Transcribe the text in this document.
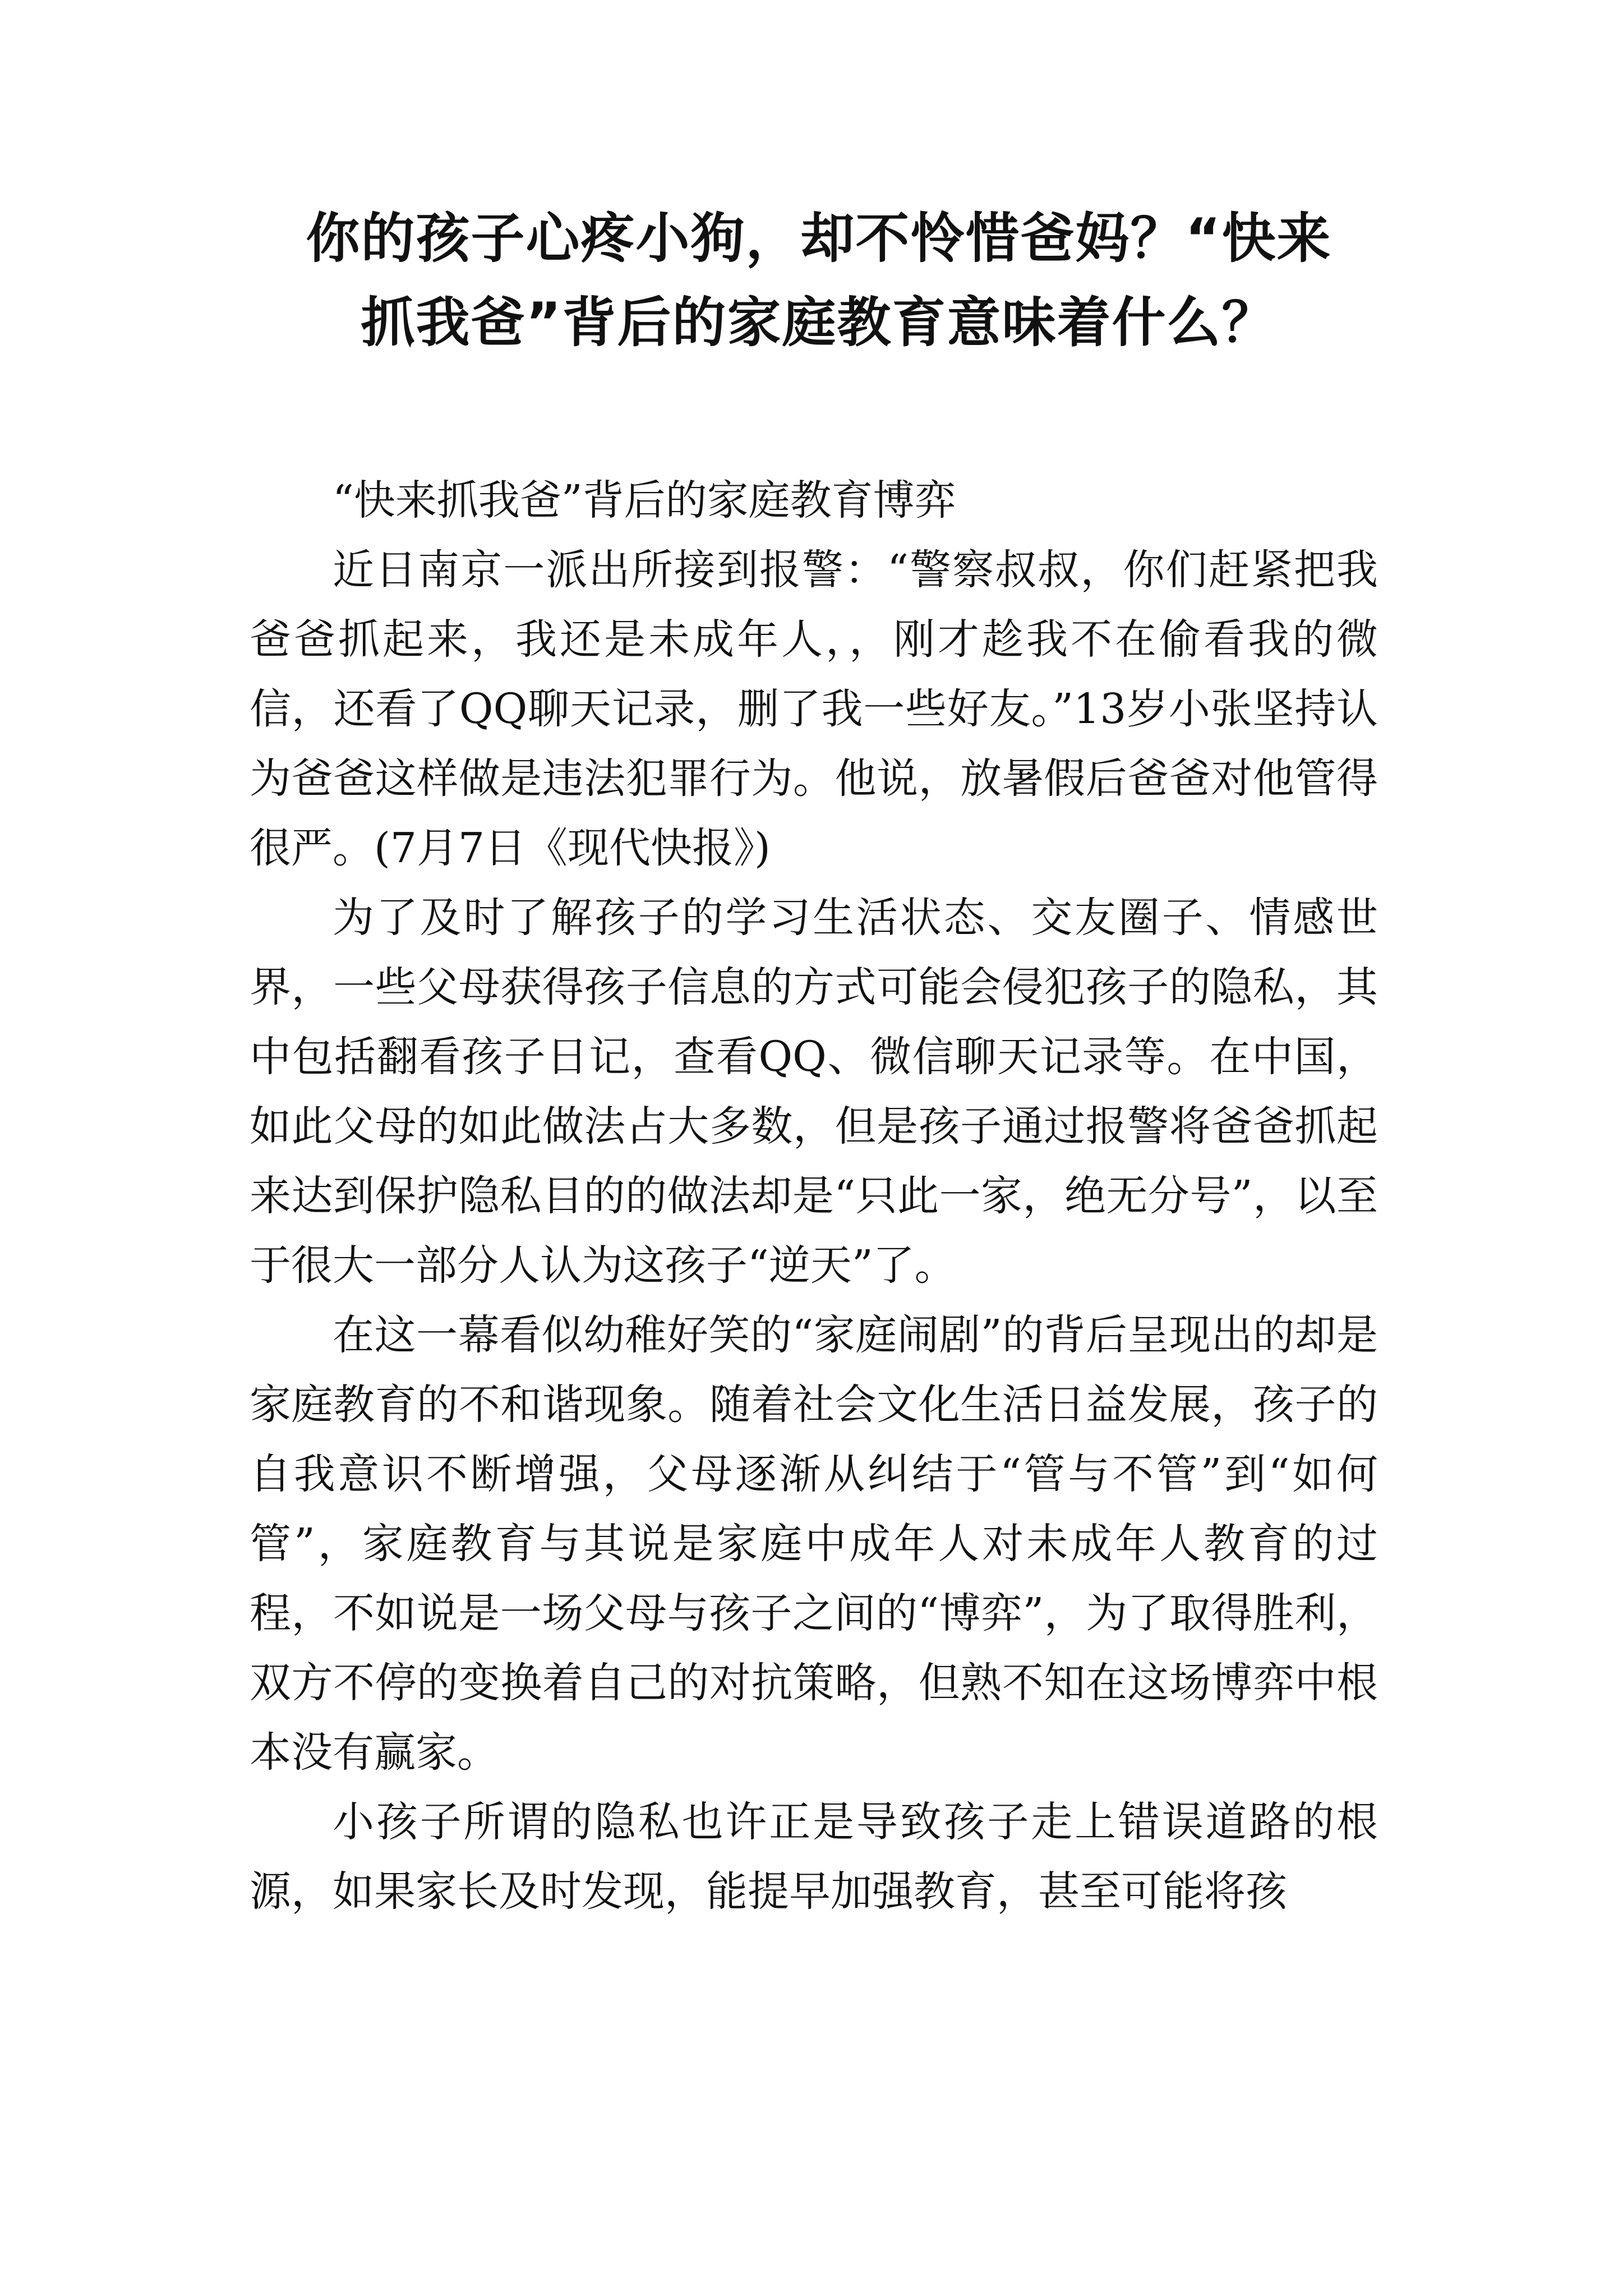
你的孩子心疼小狗，却不怜惜爸妈？“快来
抓我爸”背后的家庭教育意味着什么？

“快来抓我爸”背后的家庭教育博弈

近日南京一派出所接到报警：“警察叔叔，你们赶紧把我爸爸抓起来，我还是未成年人，，刚才趁我不在偷看我的微信，还看了QQ聊天记录，删了我一些好友。”13岁小张坚持认为爸爸这样做是违法犯罪行为。他说，放暑假后爸爸对他管得很严。(7月7日《现代快报》)

为了及时了解孩子的学习生活状态、交友圈子、情感世界，一些父母获得孩子信息的方式可能会侵犯孩子的隐私，其中包括翻看孩子日记，查看QQ、微信聊天记录等。在中国，如此父母的如此做法占大多数，但是孩子通过报警将爸爸抓起来达到保护隐私目的的做法却是“只此一家，绝无分号”，以至于很大一部分人认为这孩子“逆天”了。

在这一幕看似幼稚好笑的“家庭闹剧”的背后呈现出的却是家庭教育的不和谐现象。随着社会文化生活日益发展，孩子的自我意识不断增强，父母逐渐从纠结于“管与不管”到“如何管”，家庭教育与其说是家庭中成年人对未成年人教育的过程，不如说是一场父母与孩子之间的“博弈”，为了取得胜利，双方不停的变换着自己的对抗策略，但熟不知在这场博弈中根本没有赢家。

小孩子所谓的隐私也许正是导致孩子走上错误道路的根源，如果家长及时发现，能提早加强教育，甚至可能将孩
